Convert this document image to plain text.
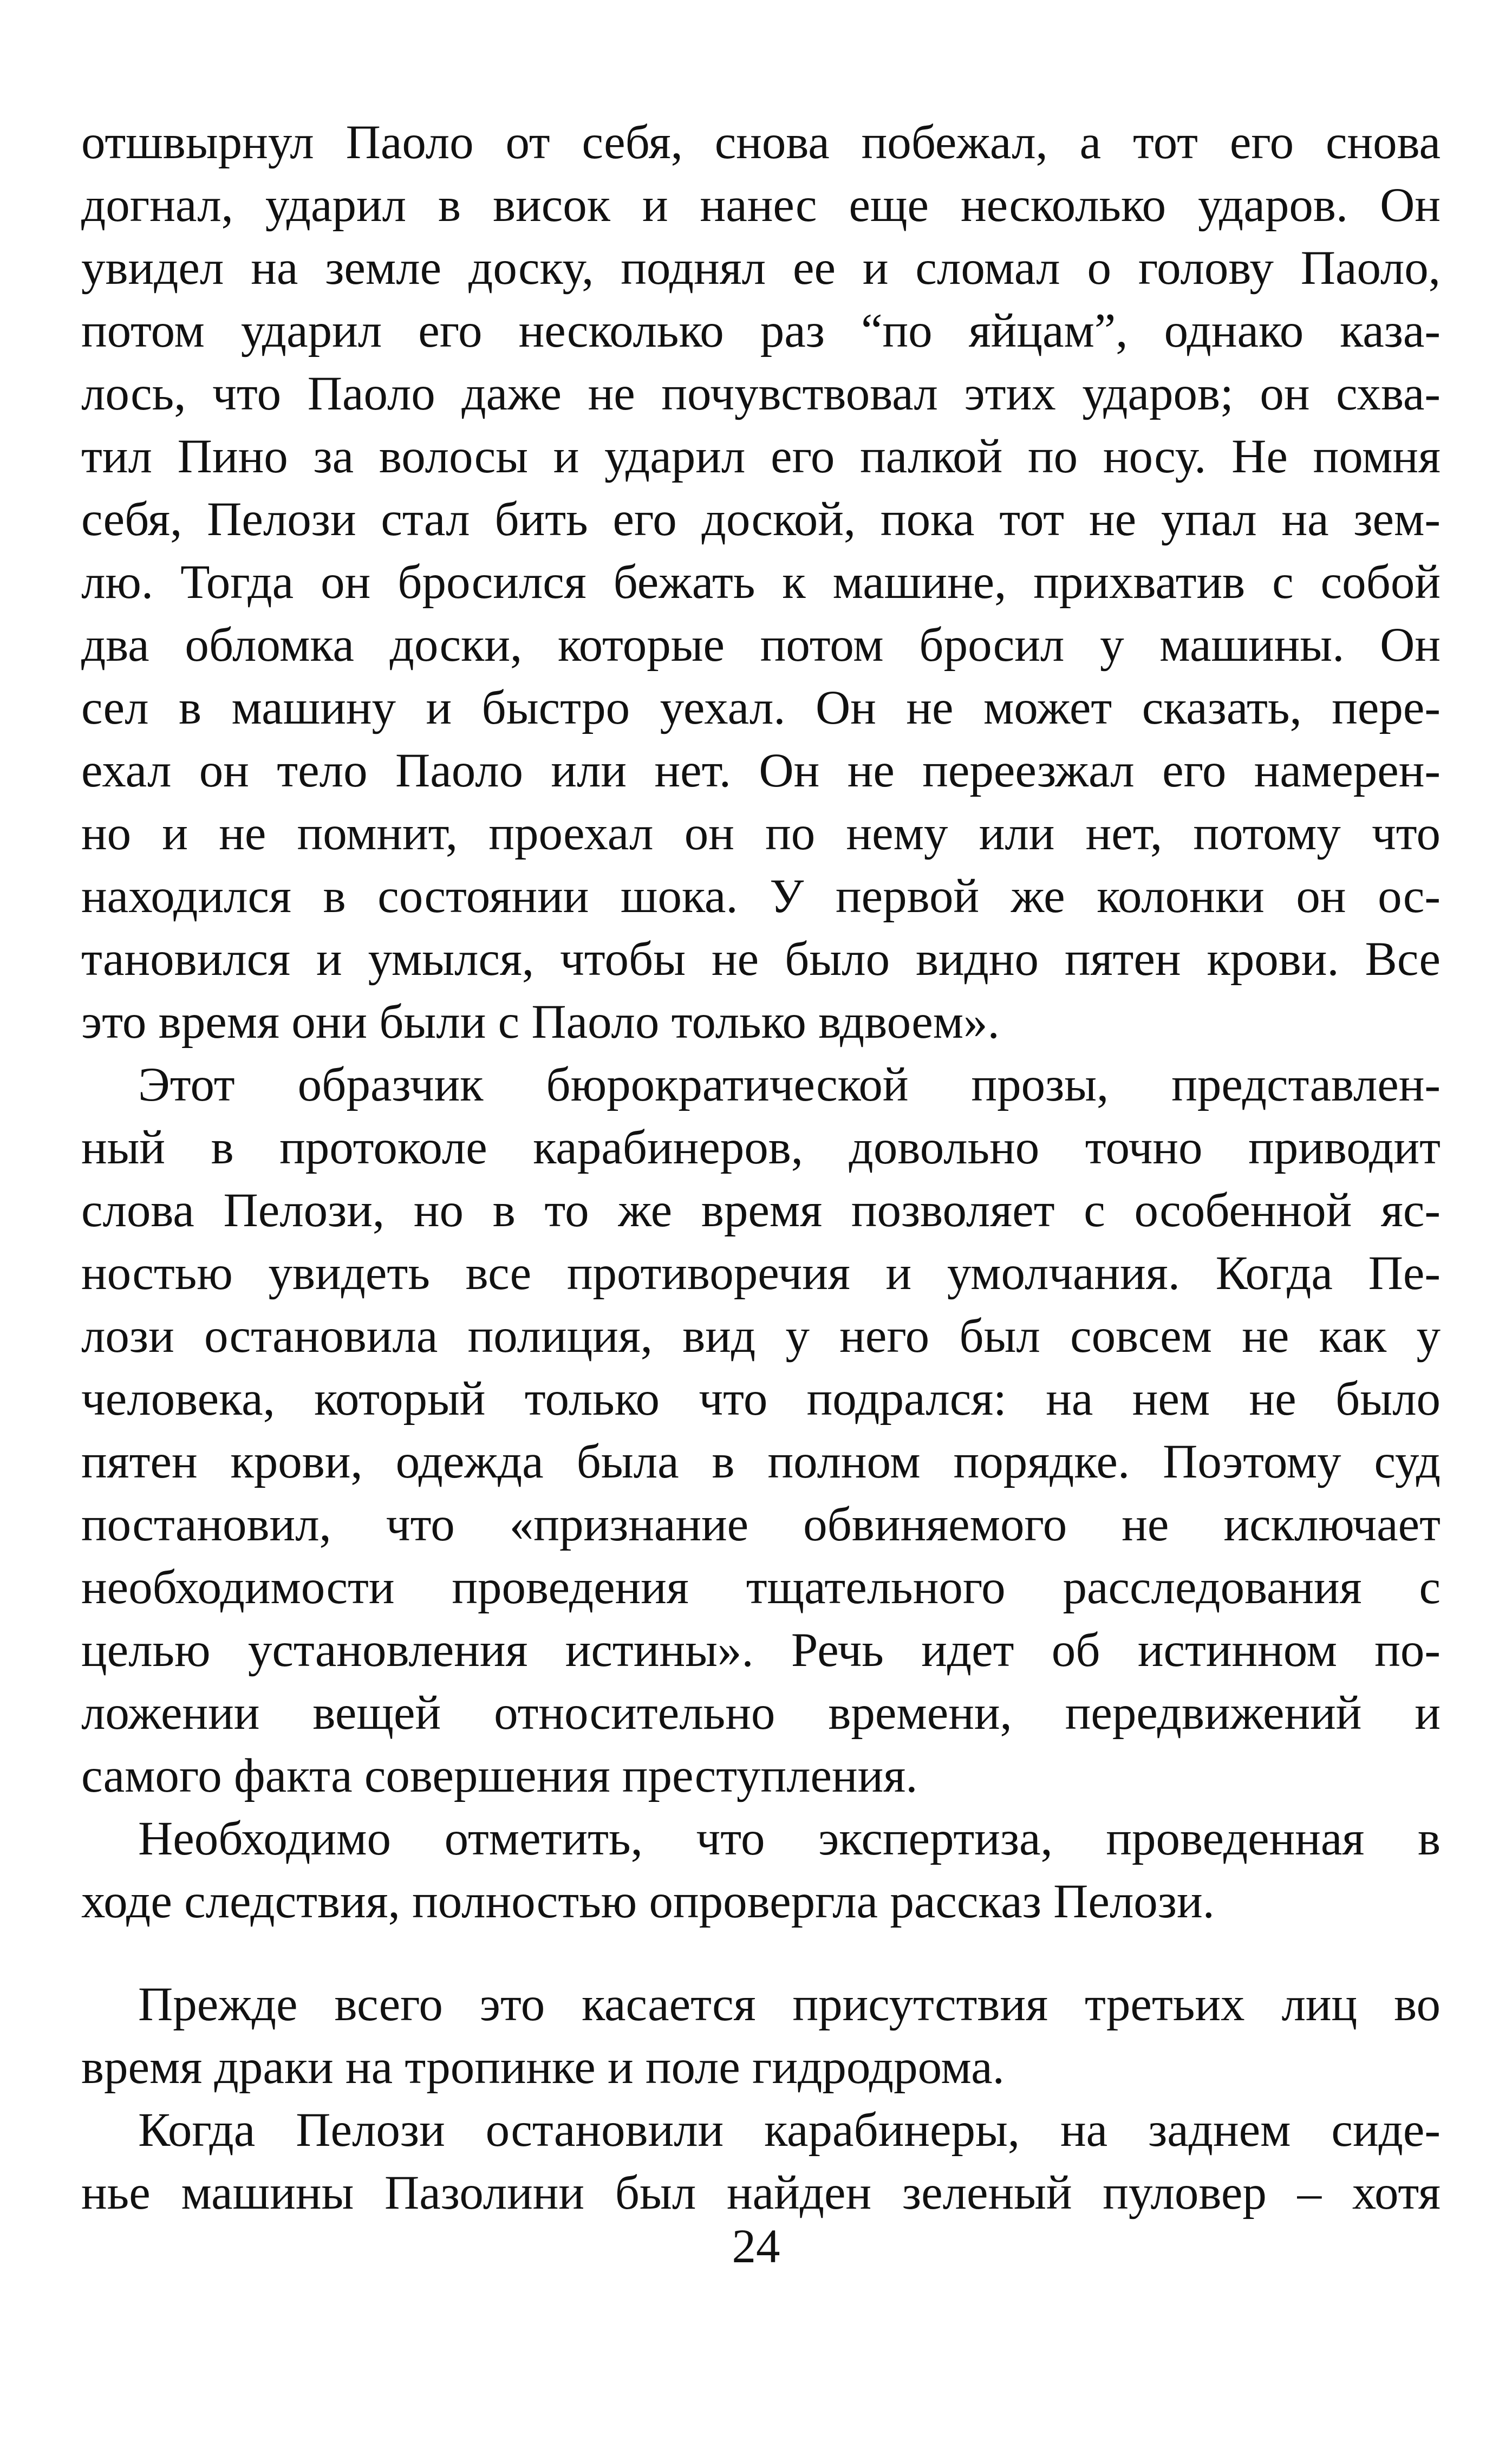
отшвырнул Паоло от себя, снова побежал, а тот его снова
догнал, ударил в висок и нанес еще несколько ударов. Он
увидел на земле доску, поднял ее и сломал о голову Паоло,
потом ударил его несколько раз “по яйцам”, однако каза-
лось, что Паоло даже не почувствовал этих ударов; он схва-
тил Пино за волосы и ударил его палкой по носу. Не помня
себя, Пелози стал бить его доской, пока тот не упал на зем-
лю. Тогда он бросился бежать к машине, прихватив с собой
два обломка доски, которые потом бросил у машины. Он
сел в машину и быстро уехал. Он не может сказать, пере-
ехал он тело Паоло или нет. Он не переезжал его намерен-
но и не помнит, проехал он по нему или нет, потому что
находился в состоянии шока. У первой же колонки он ос-
тановился и умылся, чтобы не было видно пятен крови. Все
это время они были с Паоло только вдвоем».
Этот образчик бюрократической прозы, представлен-
ный в протоколе карабинеров, довольно точно приводит
слова Пелози, но в то же время позволяет с особенной яс-
ностью увидеть все противоречия и умолчания. Когда Пе-
лози остановила полиция, вид у него был совсем не как у
человека, который только что подрался: на нем не было
пятен крови, одежда была в полном порядке. Поэтому суд
постановил, что «признание обвиняемого не исключает
необходимости проведения тщательного расследования с
целью установления истины». Речь идет об истинном по-
ложении вещей относительно времени, передвижений и
самого факта совершения преступления.
Необходимо отметить, что экспертиза, проведенная в
ходе следствия, полностью опровергла рассказ Пелози.
Прежде всего это касается присутствия третьих лиц во
время драки на тропинке и поле гидродрома.
Когда Пелози остановили карабинеры, на заднем сиде-
нье машины Пазолини был найден зеленый пуловер – хотя
24
